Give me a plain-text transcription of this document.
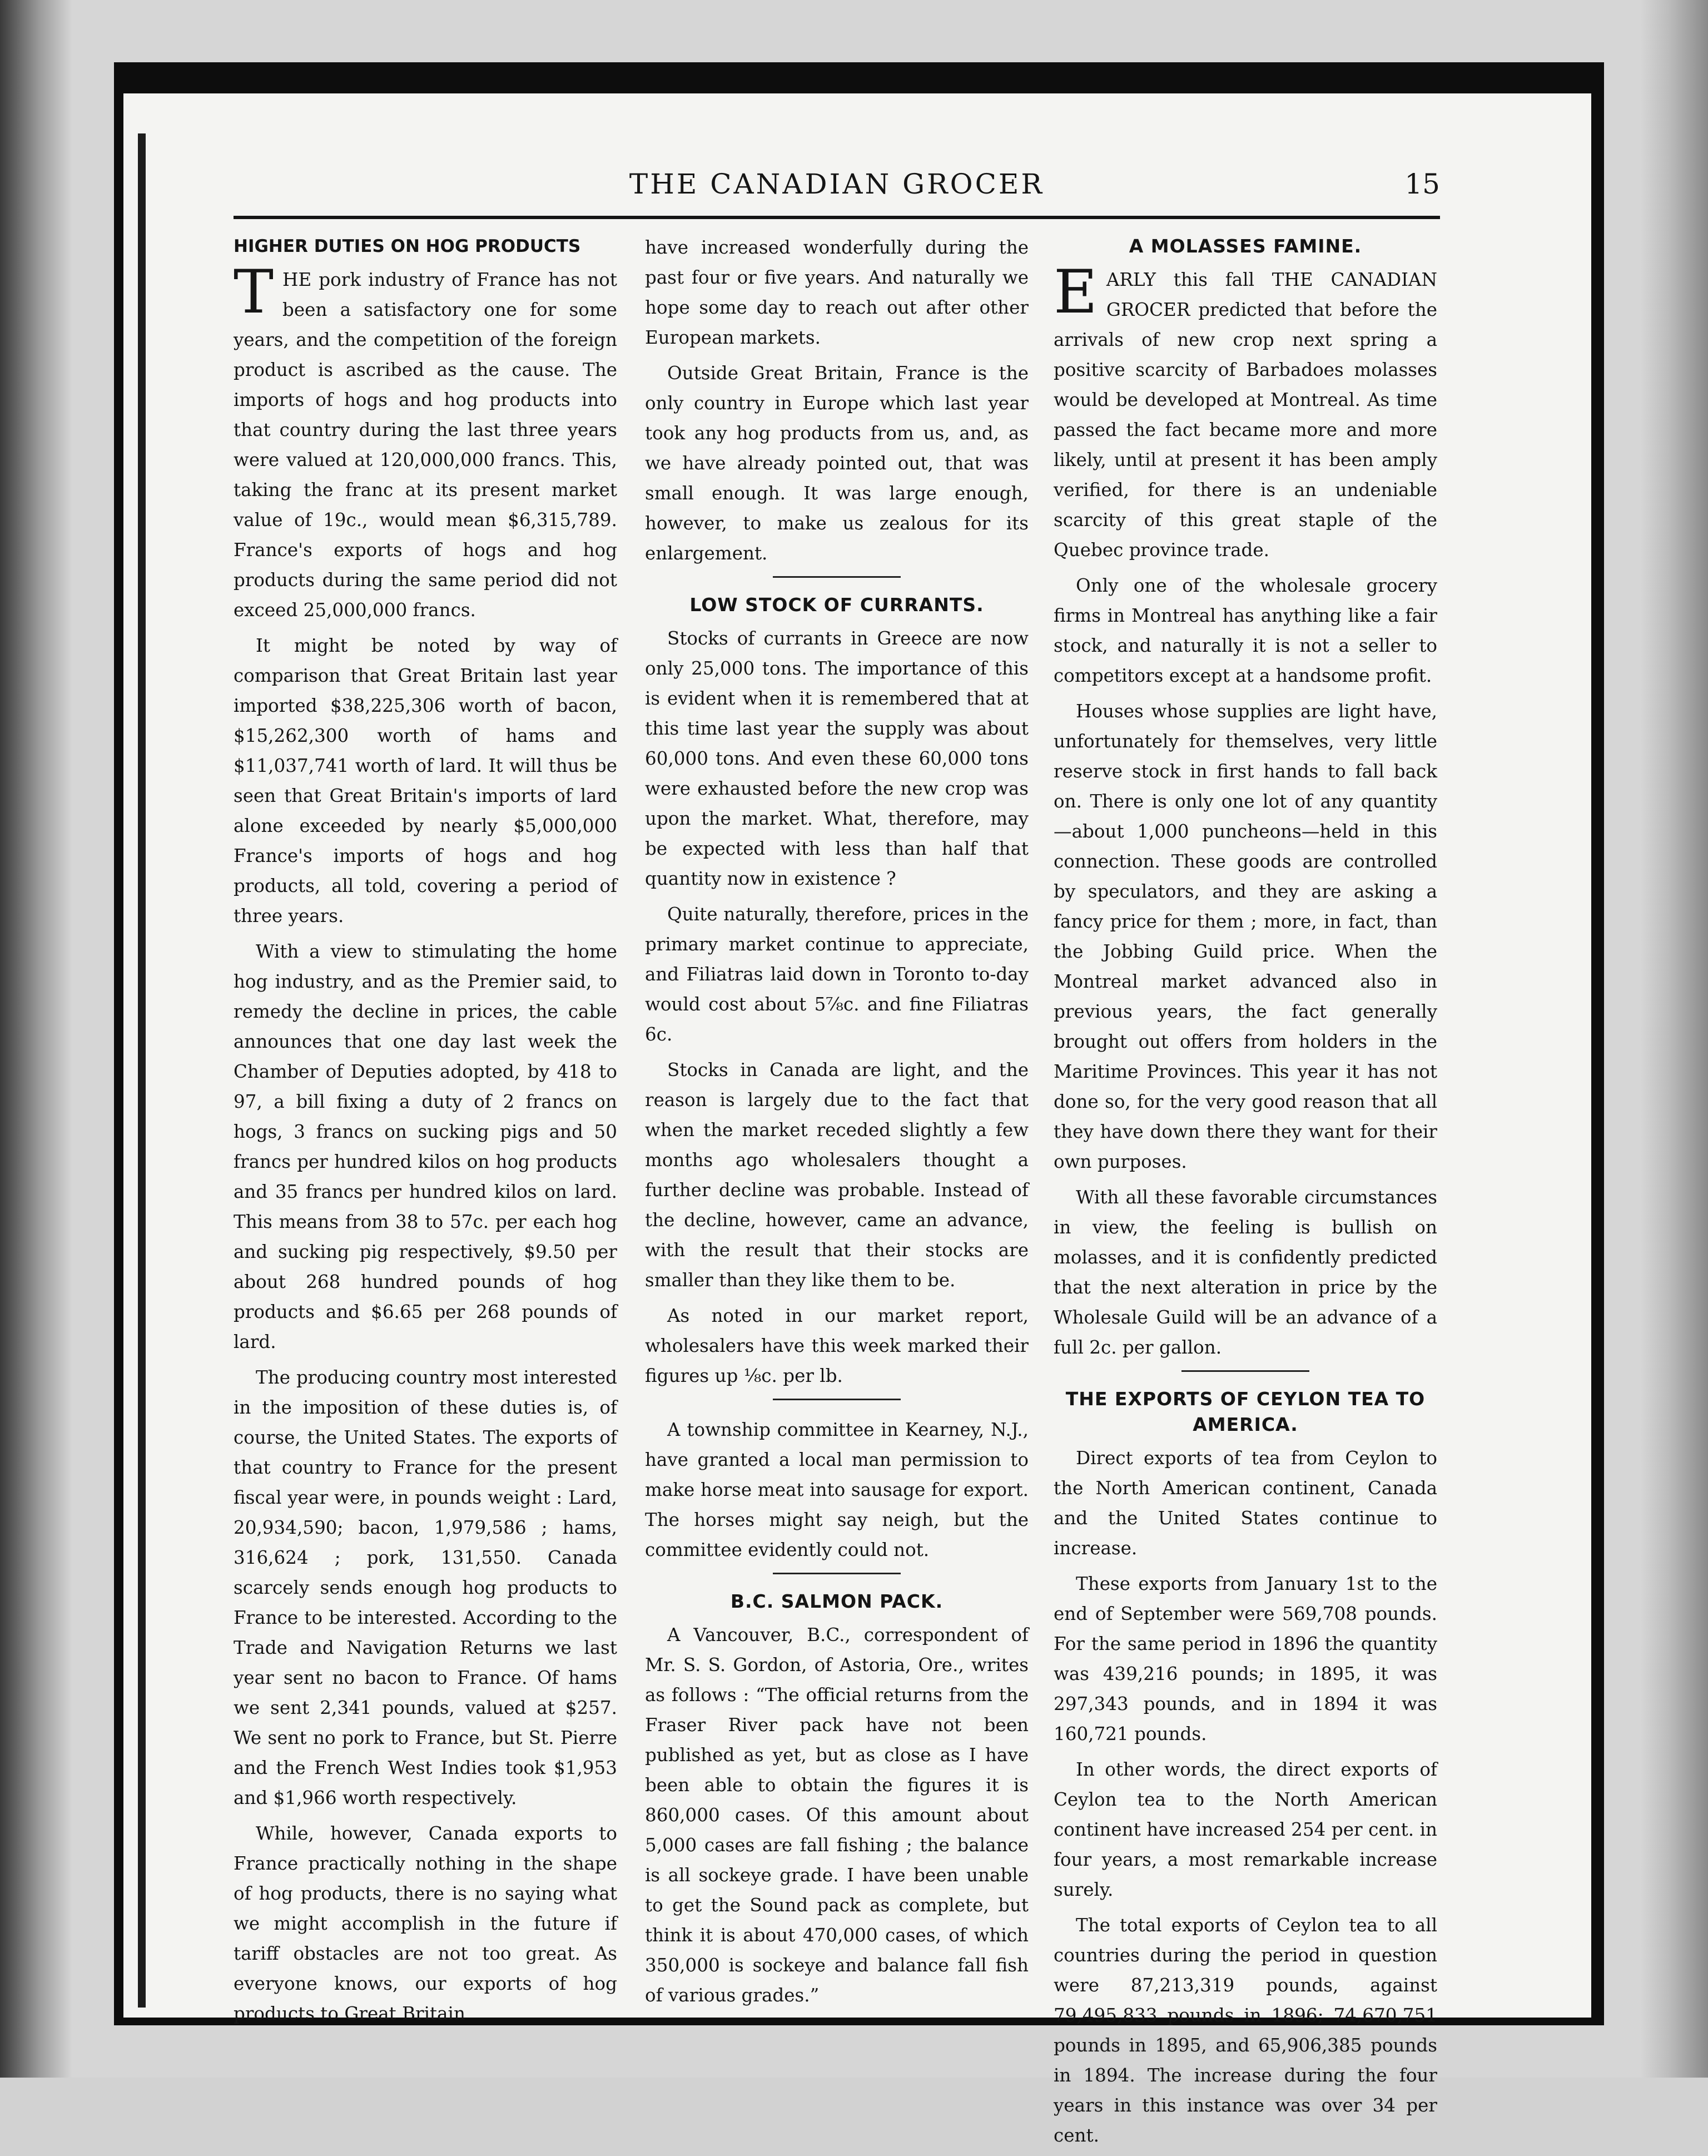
THE CANADIAN GROCER	15
HIGHER DUTIES ON HOG PRODUCTS

THE pork industry of France has not been a satisfactory one for some years, and the competition of the foreign product is ascribed as the cause. The imports of hogs and hog products into that country during the last three years were valued at 120,000,000 francs. This, taking the franc at its present market value of 19c., would mean $6,315,789. France's exports of hogs and hog products during the same period did not exceed 25,000,000 francs.

It might be noted by way of comparison that Great Britain last year imported $38,225,306 worth of bacon, $15,262,300 worth of hams and $11,037,741 worth of lard. It will thus be seen that Great Britain's imports of lard alone exceeded by nearly $5,000,000 France's imports of hogs and hog products, all told, covering a period of three years.

With a view to stimulating the home hog industry, and as the Premier said, to remedy the decline in prices, the cable announces that one day last week the Chamber of Deputies adopted, by 418 to 97, a bill fixing a duty of 2 francs on hogs, 3 francs on sucking pigs and 50 francs per hundred kilos on hog products and 35 francs per hundred kilos on lard. This means from 38 to 57c. per each hog and sucking pig respectively, $9.50 per about 268 hundred pounds of hog products and $6.65 per 268 pounds of lard.

The producing country most interested in the imposition of these duties is, of course, the United States. The exports of that country to France for the present fiscal year were, in pounds weight : Lard, 20,934,590; bacon, 1,979,586 ; hams, 316,624 ; pork, 131,550. Canada scarcely sends enough hog products to France to be interested. According to the Trade and Navigation Returns we last year sent no bacon to France. Of hams we sent 2,341 pounds, valued at $257. We sent no pork to France, but St. Pierre and the French West Indies took $1,953 and $1,966 worth respectively.

While, however, Canada exports to France practically nothing in the shape of hog products, there is no saying what we might accomplish in the future if tariff obstacles are not too great. As everyone knows, our exports of hog products to Great Britain

have increased wonderfully during the past four or five years. And naturally we hope some day to reach out after other European markets.

Outside Great Britain, France is the only country in Europe which last year took any hog products from us, and, as we have already pointed out, that was small enough. It was large enough, however, to make us zealous for its enlargement.

LOW STOCK OF CURRANTS.

Stocks of currants in Greece are now only 25,000 tons. The importance of this is evident when it is remembered that at this time last year the supply was about 60,000 tons. And even these 60,000 tons were exhausted before the new crop was upon the market. What, therefore, may be expected with less than half that quantity now in existence ?

Quite naturally, therefore, prices in the primary market continue to appreciate, and Filiatras laid down in Toronto to-day would cost about 5⅞c. and fine Filiatras 6c.

Stocks in Canada are light, and the reason is largely due to the fact that when the market receded slightly a few months ago wholesalers thought a further decline was probable. Instead of the decline, however, came an advance, with the result that their stocks are smaller than they like them to be.

As noted in our market report, wholesalers have this week marked their figures up ⅛c. per lb.

A township committee in Kearney, N.J., have granted a local man permission to make horse meat into sausage for export. The horses might say neigh, but the committee evidently could not.

B.C. SALMON PACK.

A Vancouver, B.C., correspondent of Mr. S. S. Gordon, of Astoria, Ore., writes as follows : “The official returns from the Fraser River pack have not been published as yet, but as close as I have been able to obtain the figures it is 860,000 cases. Of this amount about 5,000 cases are fall fishing ; the balance is all sockeye grade. I have been unable to get the Sound pack as complete, but think it is about 470,000 cases, of which 350,000 is sockeye and balance fall fish of various grades.”

A MOLASSES FAMINE.

EARLY this fall THE CANADIAN GROCER predicted that before the arrivals of new crop next spring a positive scarcity of Barbadoes molasses would be developed at Montreal. As time passed the fact became more and more likely, until at present it has been amply verified, for there is an undeniable scarcity of this great staple of the Quebec province trade.

Only one of the wholesale grocery firms in Montreal has anything like a fair stock, and naturally it is not a seller to competitors except at a handsome profit.

Houses whose supplies are light have, unfortunately for themselves, very little reserve stock in first hands to fall back on. There is only one lot of any quantity—about 1,000 puncheons—held in this connection. These goods are controlled by speculators, and they are asking a fancy price for them ; more, in fact, than the Jobbing Guild price. When the Montreal market advanced also in previous years, the fact generally brought out offers from holders in the Maritime Provinces. This year it has not done so, for the very good reason that all they have down there they want for their own purposes.

With all these favorable circumstances in view, the feeling is bullish on molasses, and it is confidently predicted that the next alteration in price by the Wholesale Guild will be an advance of a full 2c. per gallon.

THE EXPORTS OF CEYLON TEA TO AMERICA.

Direct exports of tea from Ceylon to the North American continent, Canada and the United States continue to increase.

These exports from January 1st to the end of September were 569,708 pounds. For the same period in 1896 the quantity was 439,216 pounds; in 1895, it was 297,343 pounds, and in 1894 it was 160,721 pounds.

In other words, the direct exports of Ceylon tea to the North American continent have increased 254 per cent. in four years, a most remarkable increase surely.

The total exports of Ceylon tea to all countries during the period in question were 87,213,319 pounds, against 79,495,833 pounds in 1896; 74,670,751 pounds in 1895, and 65,906,385 pounds in 1894. The increase during the four years in this instance was over 34 per cent.
